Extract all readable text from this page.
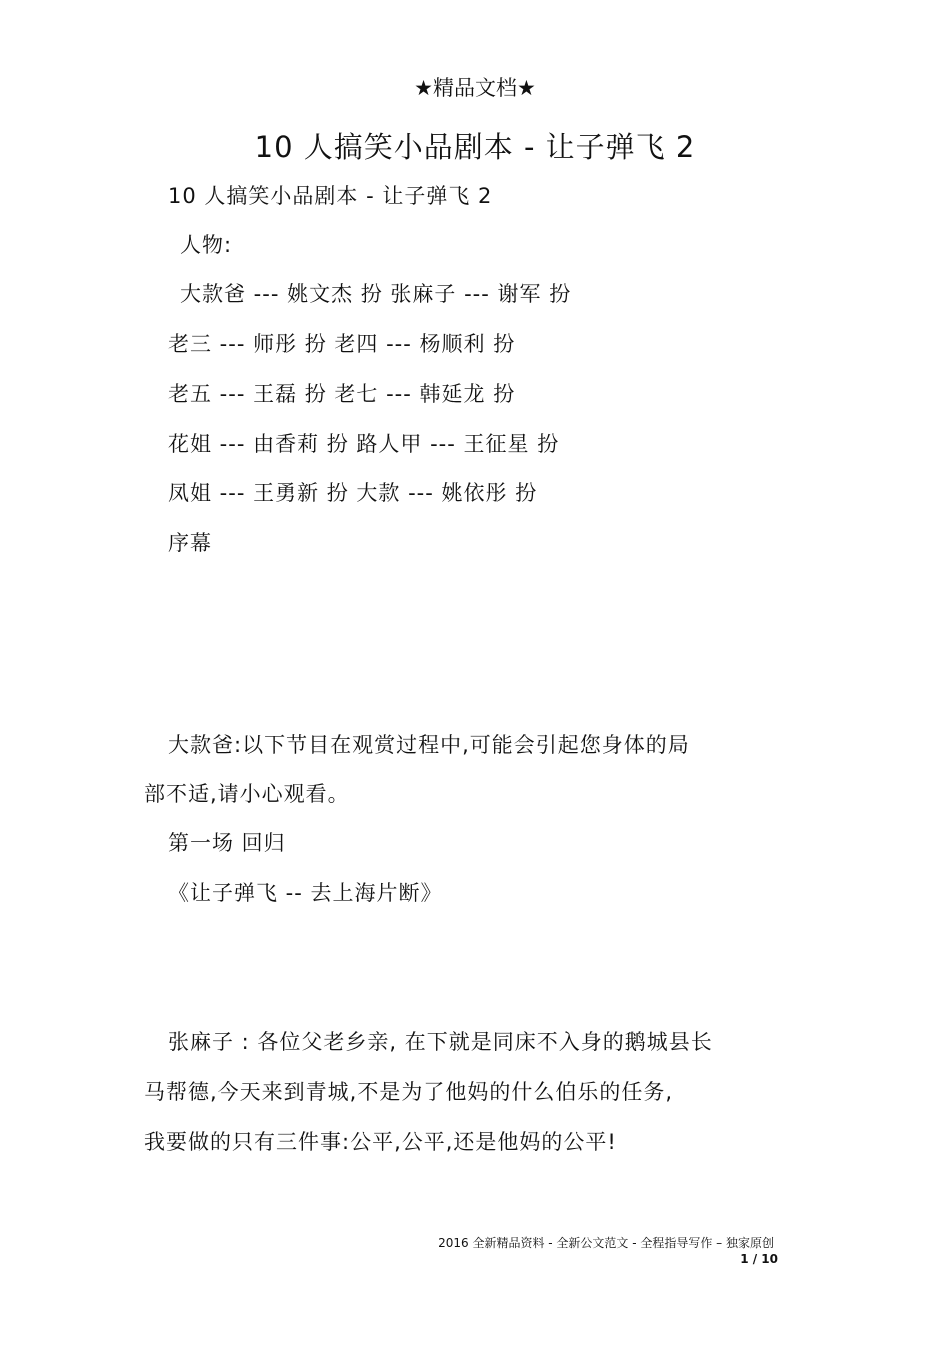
★精品文档★

10 人搞笑小品剧本 - 让子弹飞 2

10 人搞笑小品剧本 - 让子弹飞 2

人物:

大款爸 --- 姚文杰 扮 张麻子 --- 谢军 扮

老三 --- 师彤 扮 老四 --- 杨顺利 扮

老五 --- 王磊 扮 老七 --- 韩延龙 扮

花姐 --- 由香莉 扮 路人甲 --- 王征星 扮

凤姐 --- 王勇新 扮 大款 --- 姚依彤 扮

序幕

大款爸:以下节目在观赏过程中,可能会引起您身体的局

部不适,请小心观看。

第一场 回归

《让子弹飞 -- 去上海片断》

张麻子 : 各位父老乡亲, 在下就是同床不入身的鹅城县长

马帮德,今天来到青城,不是为了他妈的什么伯乐的任务,

我要做的只有三件事:公平,公平,还是他妈的公平!

2016 全新精品资料 - 全新公文范文 - 全程指导写作 – 独家原创

1 / 10
